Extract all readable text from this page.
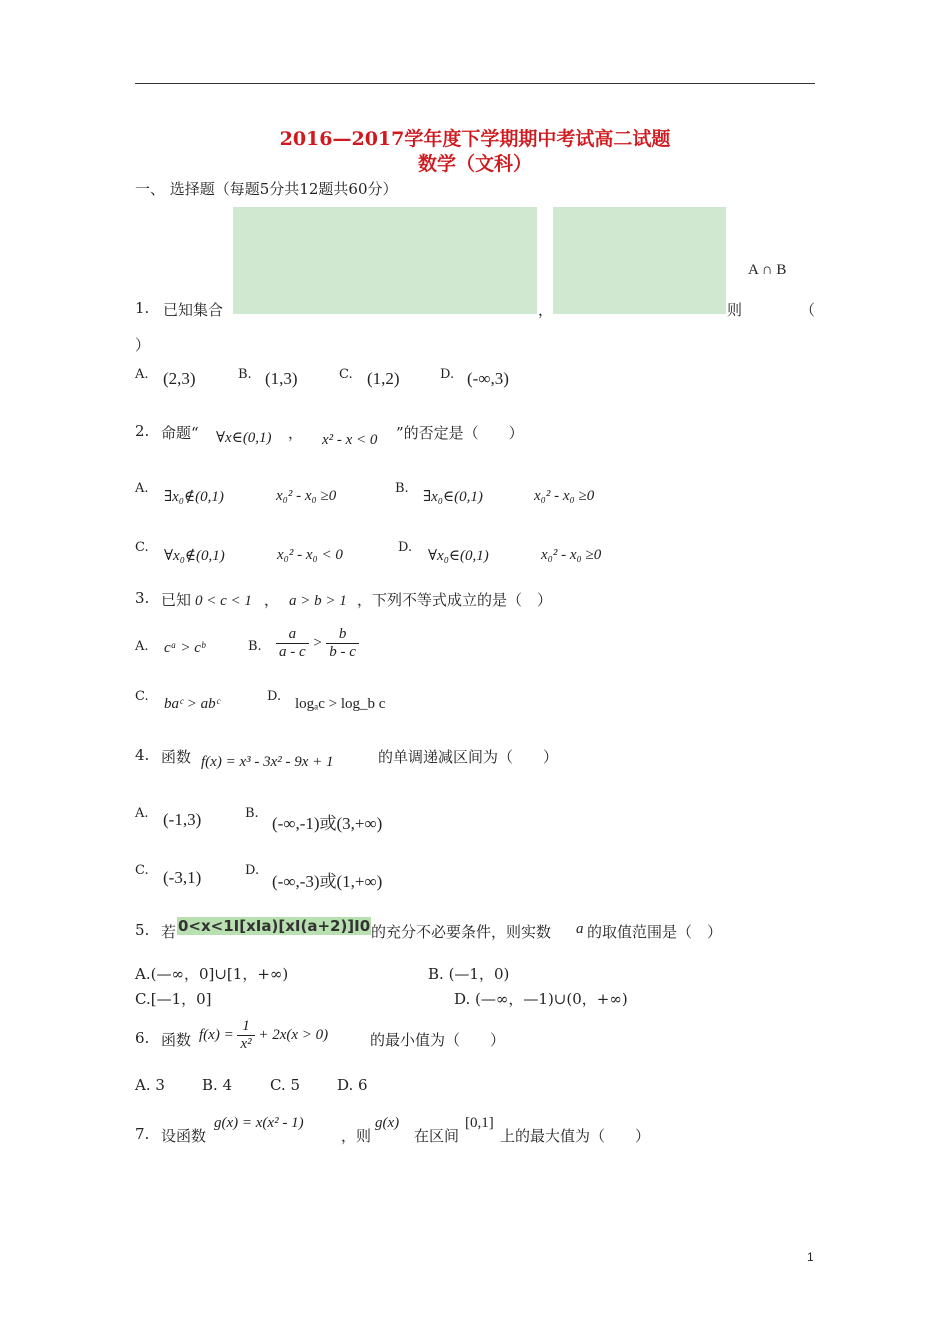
2016—2017学年度下学期期中考试高二试题
数学（文科）
一、 选择题（每题5分共12题共60分）
A ∩ B
1. 已知集合	，	则	（
）
A. (2,3)	B. (1,3)	C. (1,2)	D. (-∞,3)
2. 命题“ ∀x∈(0,1) ， x² - x < 0 ”的否定是（　　）
A.
∃x₀∉(0,1)	x₀² - x₀ ≥0	B.
∃x₀∈(0,1)	x₀² - x₀ ≥0
C.
∀x₀∉(0,1)	x₀² - x₀ < 0	D.
∀x₀∈(0,1)	x₀² - x₀ ≥0
3. 已知 0 < c < 1 ， a > b > 1 ，下列不等式成立的是（　）
A. cᵃ > cᵇ	B. $\frac{a}{a - c} > \frac{b}{b - c}$
C. baᶜ > abᶜ	D. logₐc > log_b c
4. 函数 f(x) = x³ - 3x² - 9x + 1	的单调递减区间为（　　）
A. (-1,3)	B.
(-∞,-1)或(3,+∞)
C. (-3,1)	D.
(-∞,-3)或(1,+∞)
5. 若 0<x<1I[xIa)[xI(a+2)]I0 的充分不必要条件，则实数 a 的取值范围是（　）
A.(—∞，0]∪[1，+∞)	B. (—1，0)
C.[—1，0]	D. (—∞，—1)∪(0，+∞)
6. 函数 $f(x) = \frac{1}{\text{x²}} + 2x(x > 0)$	的最小值为（　　）
A. 3 B. 4	C. 5 D. 6
7. 设函数
g(x) = x(x² - 1)
，则
g(x)
在区间
[0,1]
上的最大值为（　　）
1
